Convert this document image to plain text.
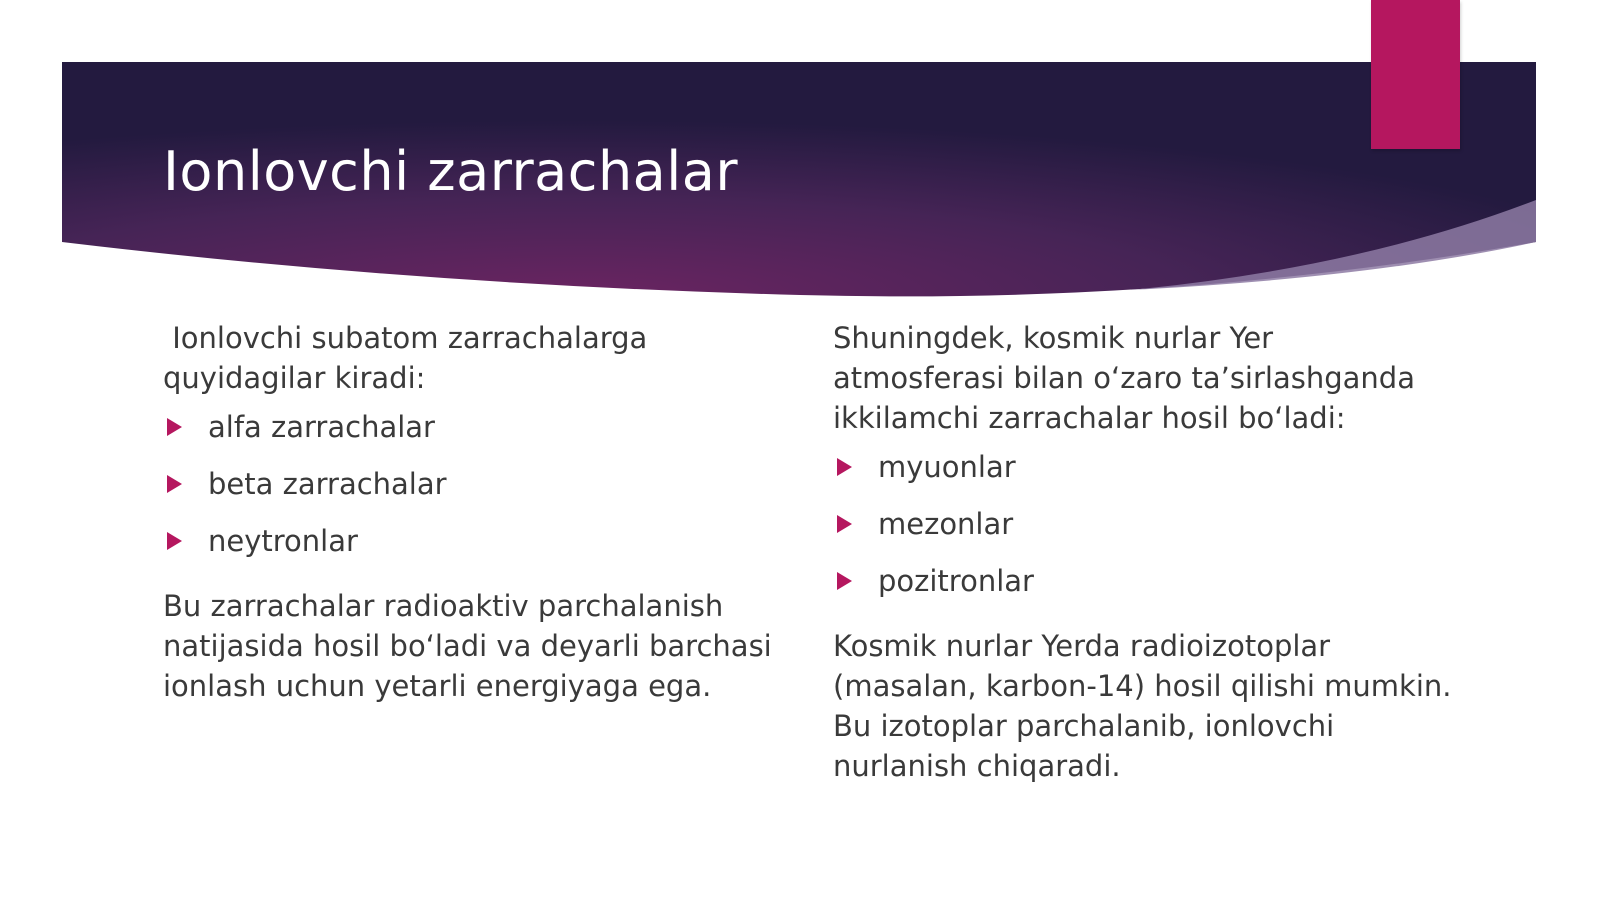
Ionlovchi zarrachalar

Ionlovchi subatom zarrachalarga quyidagilar kiradi:

alfa zarrachalar
beta zarrachalar
neytronlar

Bu zarrachalar radioaktiv parchalanish natijasida hosil bo‘ladi va deyarli barchasi ionlash uchun yetarli energiyaga ega.

Shuningdek, kosmik nurlar Yer atmosferasi bilan o‘zaro ta’sirlashganda ikkilamchi zarrachalar hosil bo‘ladi:

myuonlar
mezonlar
pozitronlar

Kosmik nurlar Yerda radioizotoplar (masalan, karbon-14) hosil qilishi mumkin. Bu izotoplar parchalanib, ionlovchi nurlanish chiqaradi.
